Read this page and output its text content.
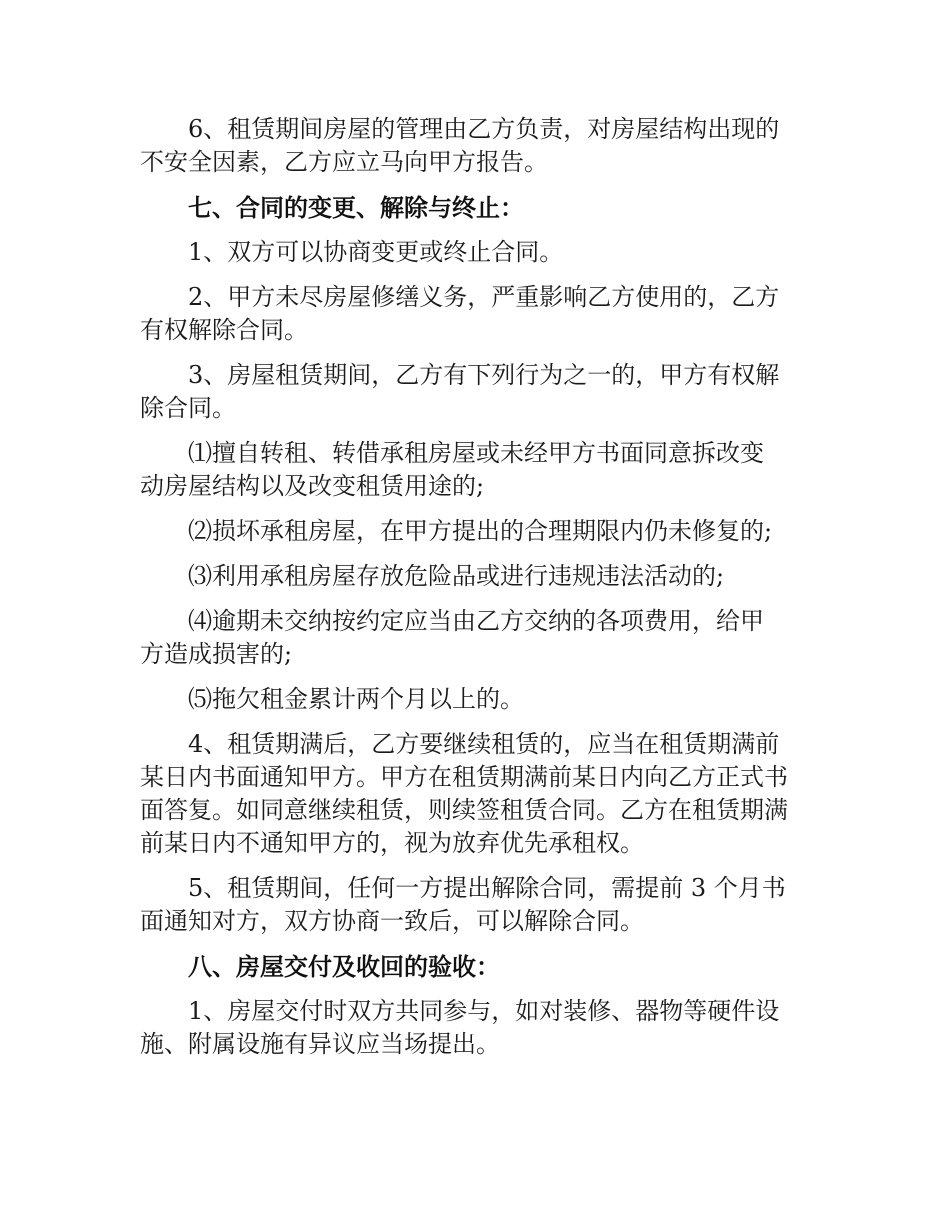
6、租赁期间房屋的管理由乙方负责，对房屋结构出现的
不安全因素，乙方应立马向甲方报告。

七、合同的变更、解除与终止：

1、双方可以协商变更或终止合同。

2、甲方未尽房屋修缮义务，严重影响乙方使用的，乙方
有权解除合同。

3、房屋租赁期间，乙方有下列行为之一的，甲方有权解
除合同。

⑴擅自转租、转借承租房屋或未经甲方书面同意拆改变
动房屋结构以及改变租赁用途的;

⑵损坏承租房屋，在甲方提出的合理期限内仍未修复的;

⑶利用承租房屋存放危险品或进行违规违法活动的;

⑷逾期未交纳按约定应当由乙方交纳的各项费用，给甲
方造成损害的;

⑸拖欠租金累计两个月以上的。

4、租赁期满后，乙方要继续租赁的，应当在租赁期满前
某日内书面通知甲方。甲方在租赁期满前某日内向乙方正式书
面答复。如同意继续租赁，则续签租赁合同。乙方在租赁期满
前某日内不通知甲方的，视为放弃优先承租权。

5、租赁期间，任何一方提出解除合同，需提前 3 个月书
面通知对方，双方协商一致后，可以解除合同。

八、房屋交付及收回的验收：

1、房屋交付时双方共同参与，如对装修、器物等硬件设
施、附属设施有异议应当场提出。
